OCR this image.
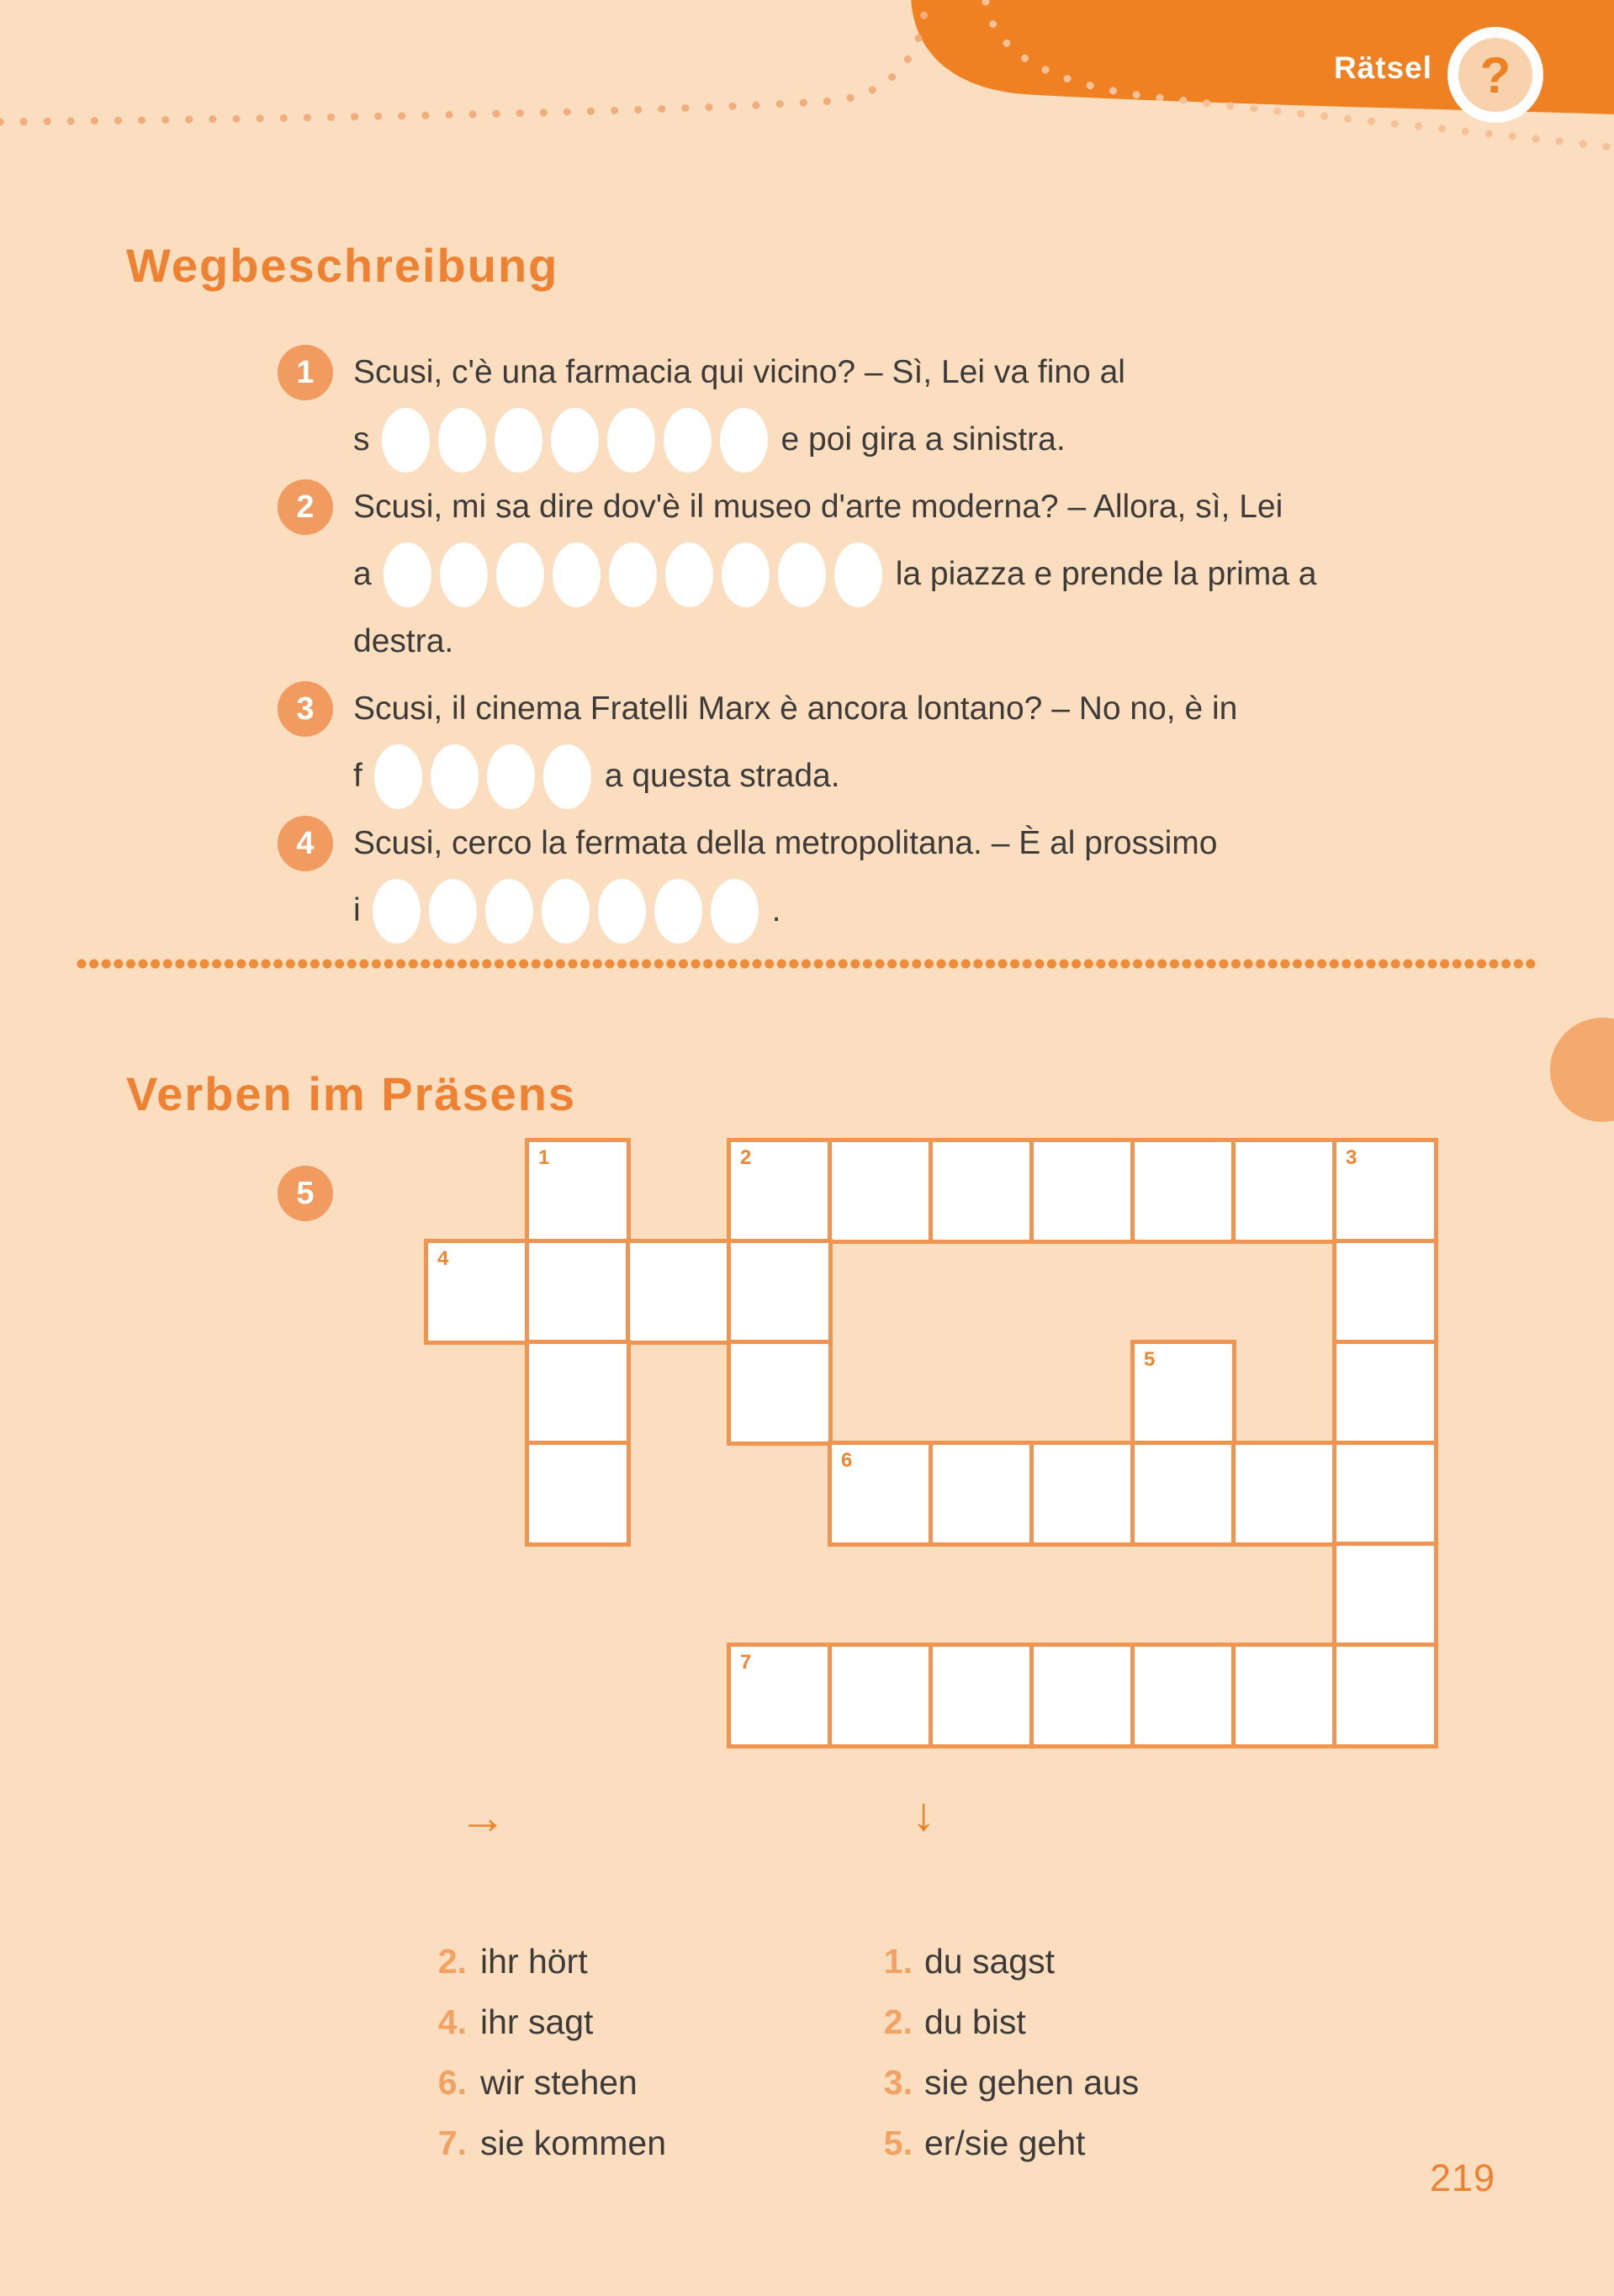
Rätsel ?
Wegbeschreibung
1	Scusi, c'è una farmacia qui vicino? – Sì, Lei va fino al
s	e poi gira a sinistra.
2	Scusi, mi sa dire dov'è il museo d'arte moderna? – Allora, sì, Lei
a	la piazza e prende la prima a
destra.
3	Scusi, il cinema Fratelli Marx è ancora lontano? – No no, è in
f	a questa strada.
4	Scusi, cerco la fermata della metropolitana. – È al prossimo
i	.
Verben im Präsens
5
1	2	3
4
5
6
7
→	↓
2. ihr hört
4. ihr sagt
6. wir stehen
7. sie kommen
1. du sagst
2. du bist
3. sie gehen aus
5. er/sie geht
219
